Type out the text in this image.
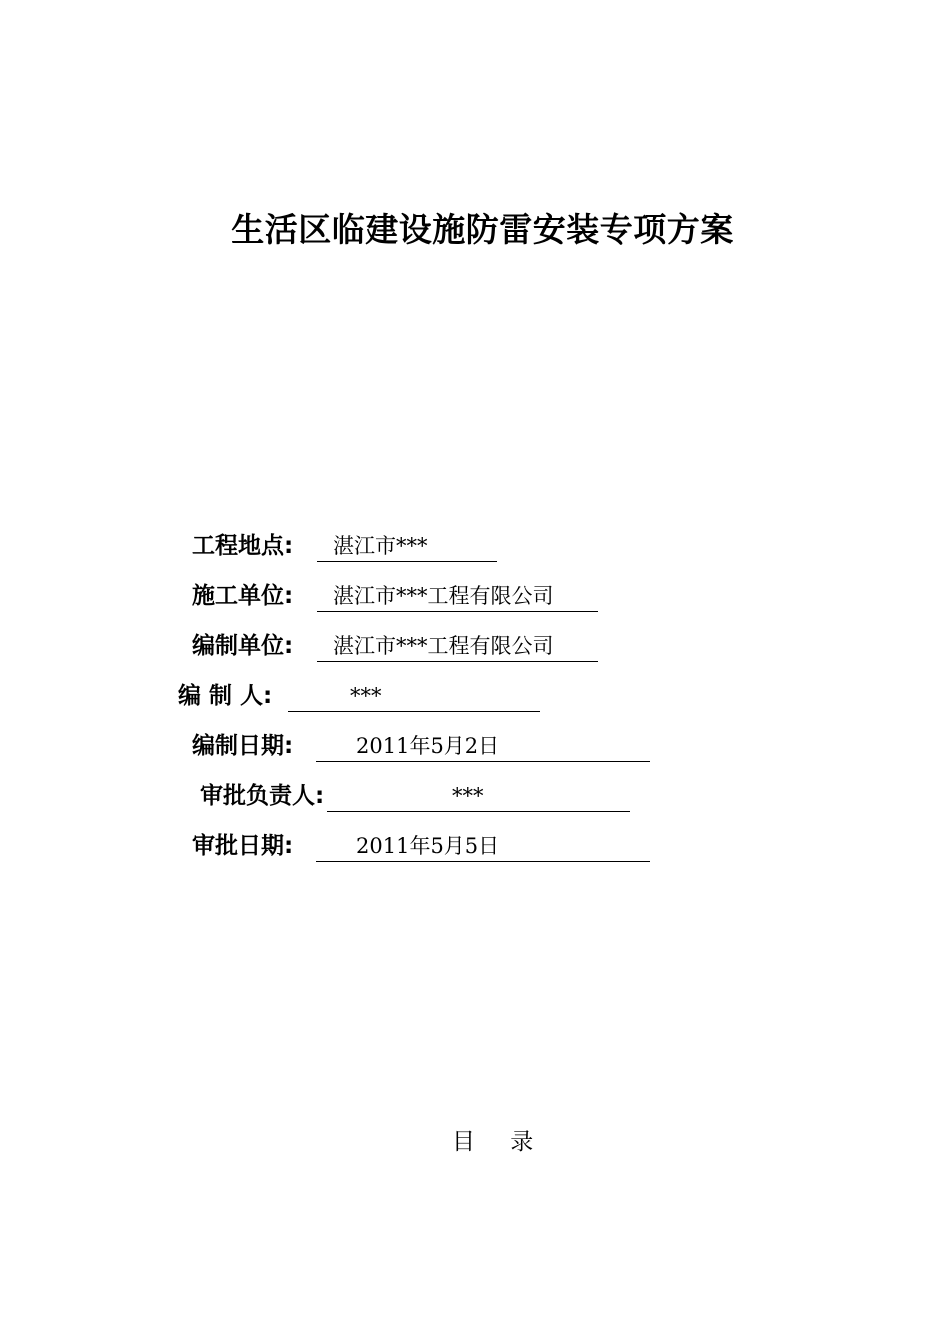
生活区临建设施防雷安装专项方案
工程地点: 湛江市***
施工单位: 湛江市***工程有限公司
编制单位: 湛江市***工程有限公司
编 制 人:	***
编制日期:	2011年5月2日
审批负责人:	***
审批日期:	2011年5月5日
目 录
